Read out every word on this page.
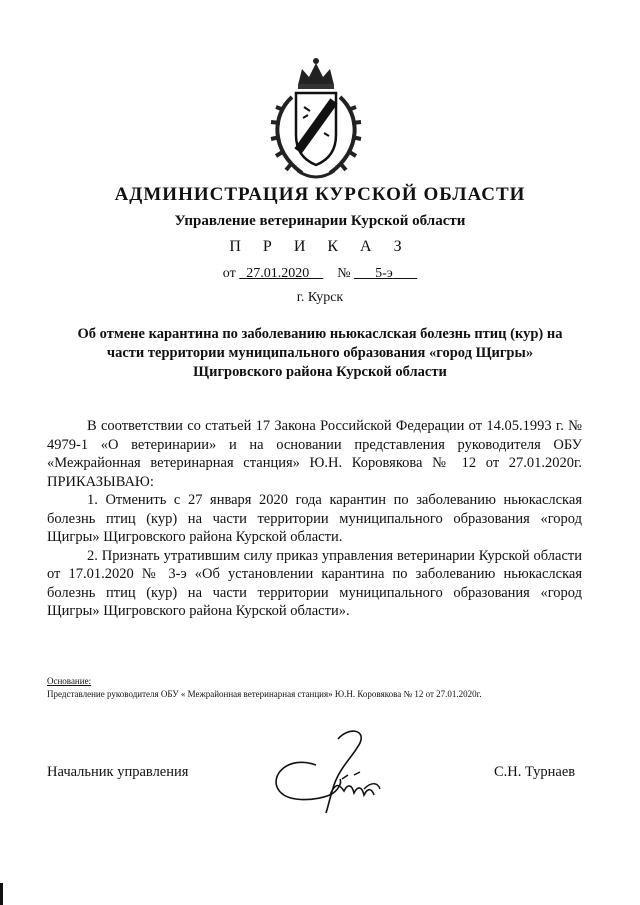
АДМИНИСТРАЦИЯ КУРСКОЙ ОБЛАСТИ
Управление ветеринарии Курской области
П Р И К А З
от 27.01.2020 № 5-э
г. Курск
Об отмене карантина по заболеванию ньюкаслская болезнь птиц (кур) на
части территории муниципального образования «город Щигры»
Щигровского района Курской области

В соответствии со статьей 17 Закона Российской Федерации от 14.05.1993 г. № 4979-1 «О ветеринарии» и на основании представления руководителя ОБУ «Межрайонная ветеринарная станция» Ю.Н. Коровякова № 12 от 27.01.2020г. ПРИКАЗЫВАЮ:

1. Отменить с 27 января 2020 года карантин по заболеванию ньюкаслская болезнь птиц (кур) на части территории муниципального образования «город Щигры» Щигровского района Курской области.

2. Признать утратившим силу приказ управления ветеринарии Курской области от 17.01.2020 № 3-э «Об установлении карантина по заболеванию ньюкаслская болезнь птиц (кур) на части территории муниципального образования «город Щигры» Щигровского района Курской области».

Основание:
Представление руководителя ОБУ « Межрайонная ветеринарная станция» Ю.Н. Коровякова № 12 от 27.01.2020г.
Начальник управления	С.Н. Турнаев
